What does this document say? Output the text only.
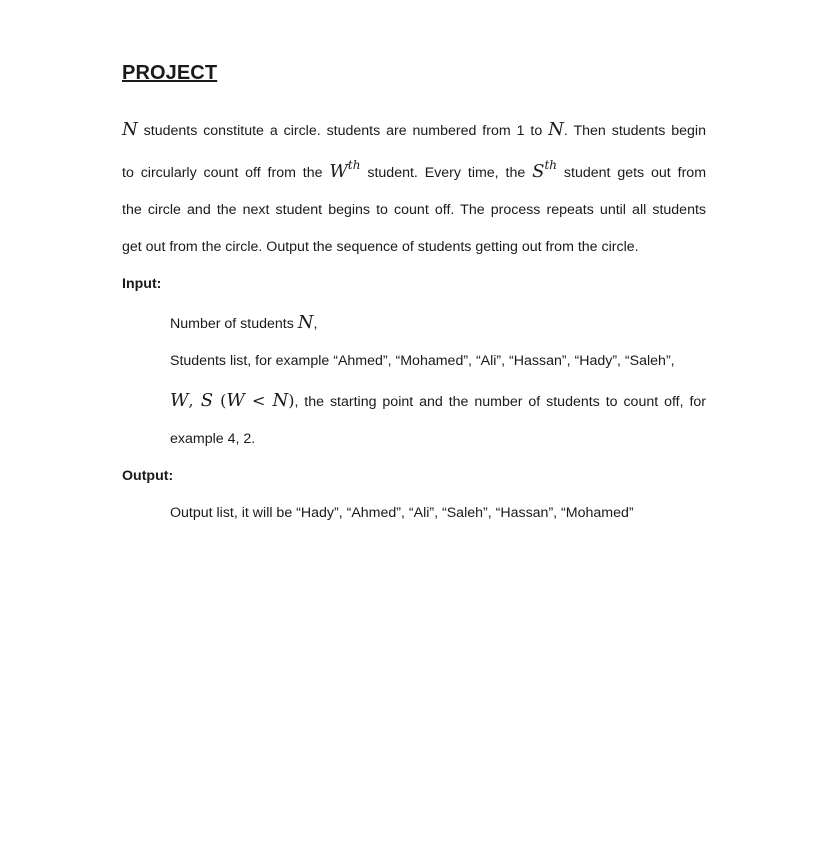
PROJECT
N students constitute a circle. students are numbered from 1 to N. Then students begin
to circularly count off from the $W^{th}$ student. Every time, the $S^{th}$ student gets out from
the circle and the next student begins to count off. The process repeats until all students
get out from the circle. Output the sequence of students getting out from the circle.
Input:
Number of students N,
Students list, for example “Ahmed”, “Mohamed”, “Ali”, “Hassan”, “Hady”, “Saleh”,
W, S (W < N), the starting point and the number of students to count off, for
example 4, 2.
Output:
Output list, it will be “Hady”, “Ahmed”, “Ali”, “Saleh”, “Hassan”, “Mohamed”
